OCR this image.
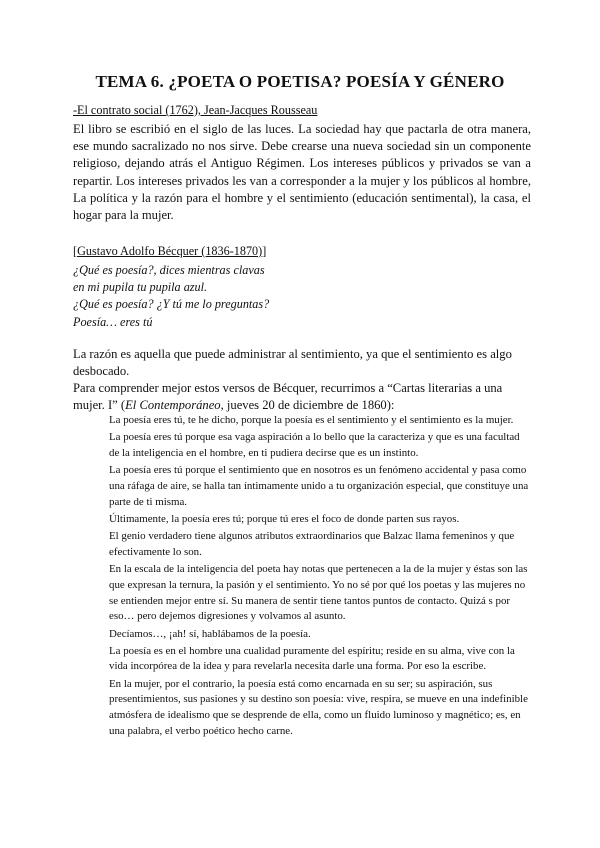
TEMA 6. ¿POETA O POETISA? POESÍA Y GÉNERO

-El contrato social (1762), Jean-Jacques Rousseau

El libro se escribió en el siglo de las luces. La sociedad hay que pactarla de otra manera, ese mundo sacralizado no nos sirve. Debe crearse una nueva sociedad sin un componente religioso, dejando atrás el Antiguo Régimen. Los intereses públicos y privados se van a repartir. Los intereses privados les van a corresponder a la mujer y los públicos al hombre, La política y la razón para el hombre y el sentimiento (educación sentimental), la casa, el hogar para la mujer.

[Gustavo Adolfo Bécquer (1836-1870)]

¿Qué es poesía?, dices mientras clavas
en mi pupila tu pupila azul.
¿Qué es poesía? ¿Y tú me lo preguntas?
Poesía… eres tú

La razón es aquella que puede administrar al sentimiento, ya que el sentimiento es algo desbocado.

Para comprender mejor estos versos de Bécquer, recurrimos a “Cartas literarias a una mujer. I” (El Contemporáneo, jueves 20 de diciembre de 1860):

La poesía eres tú, te he dicho, porque la poesía es el sentimiento y el sentimiento es la mujer.

La poesía eres tú porque esa vaga aspiración a lo bello que la caracteriza y que es una facultad de la inteligencia en el hombre, en ti pudiera decirse que es un instinto.

La poesía eres tú porque el sentimiento que en nosotros es un fenómeno accidental y pasa como una ráfaga de aire, se halla tan íntimamente unido a tu organización especial, que constituye una parte de ti misma.

Últimamente, la poesía eres tú; porque tú eres el foco de donde parten sus rayos.

El genio verdadero tiene algunos atributos extraordinarios que Balzac llama femeninos y que efectivamente lo son.

En la escala de la inteligencia del poeta hay notas que pertenecen a la de la mujer y éstas son las que expresan la ternura, la pasión y el sentimiento. Yo no sé por qué los poetas y las mujeres no se entienden mejor entre sí. Su manera de sentir tiene tantos puntos de contacto. Quizá s por eso… pero dejemos digresiones y volvamos al asunto.

Decíamos…, ¡ah! sí, hablábamos de la poesía.

La poesía es en el hombre una cualidad puramente del espíritu; reside en su alma, vive con la vida incorpórea de la idea y para revelarla necesita darle una forma. Por eso la escribe.

En la mujer, por el contrario, la poesía está como encarnada en su ser; su aspiración, sus presentimientos, sus pasiones y su destino son poesía: vive, respira, se mueve en una indefinible atmósfera de idealismo que se desprende de ella, como un fluido luminoso y magnético; es, en una palabra, el verbo poético hecho carne.
